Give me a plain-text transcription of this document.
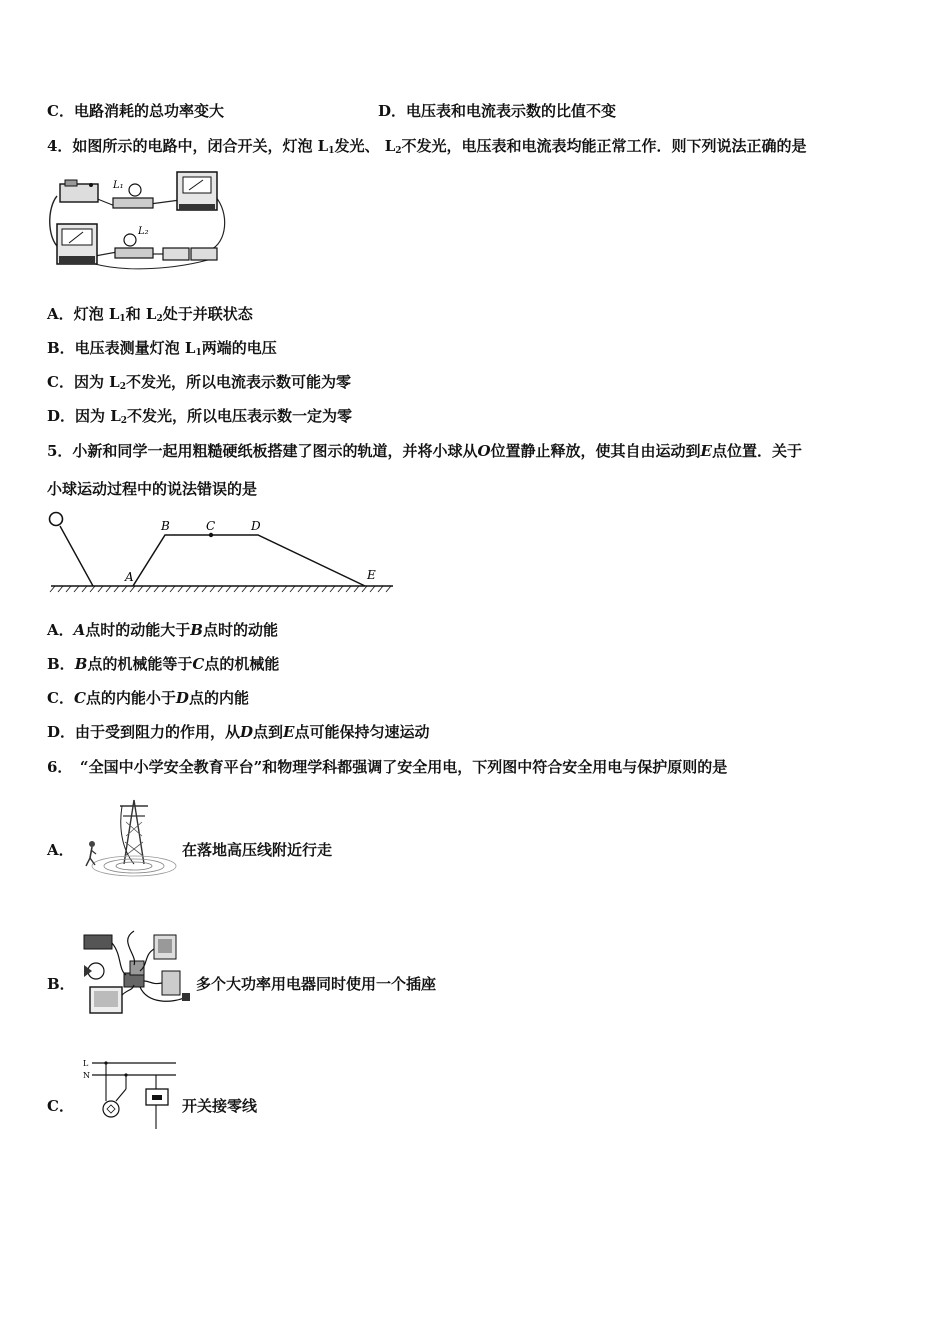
C．电路消耗的总功率变大	D．电压表和电流表示数的比值不变
4．如图所示的电路中，闭合开关，灯泡 $L_1$发光、 $L_2$不发光，电压表和电流表均能正常工作．则下列说法正确的是
L₁
L₂
A．灯泡 $L_1$和 $L_2$处于并联状态
B．电压表测量灯泡 $L_1$两端的电压
C．因为 $L_2$不发光，所以电流表示数可能为零
D．因为 $L_2$不发光，所以电压表示数一定为零
5．小新和同学一起用粗糙硬纸板搭建了图示的轨道，并将小球从O位置静止释放，使其自由运动到E点位置．关于
小球运动过程中的说法错误的是
A
B	C	D
E
A．A点时的动能大于B点时的动能
B．B点的机械能等于C点的机械能
C．C点的内能小于D点的内能
D．由于受到阻力的作用，从D点到E点可能保持匀速运动
6．　“全国中小学安全教育平台”和物理学科都强调了安全用电，下列图中符合安全用电与保护原则的是
A．	在落地高压线附近行走
B．	多个大功率用电器同时使用一个插座
C．
L
N
开关接零线
